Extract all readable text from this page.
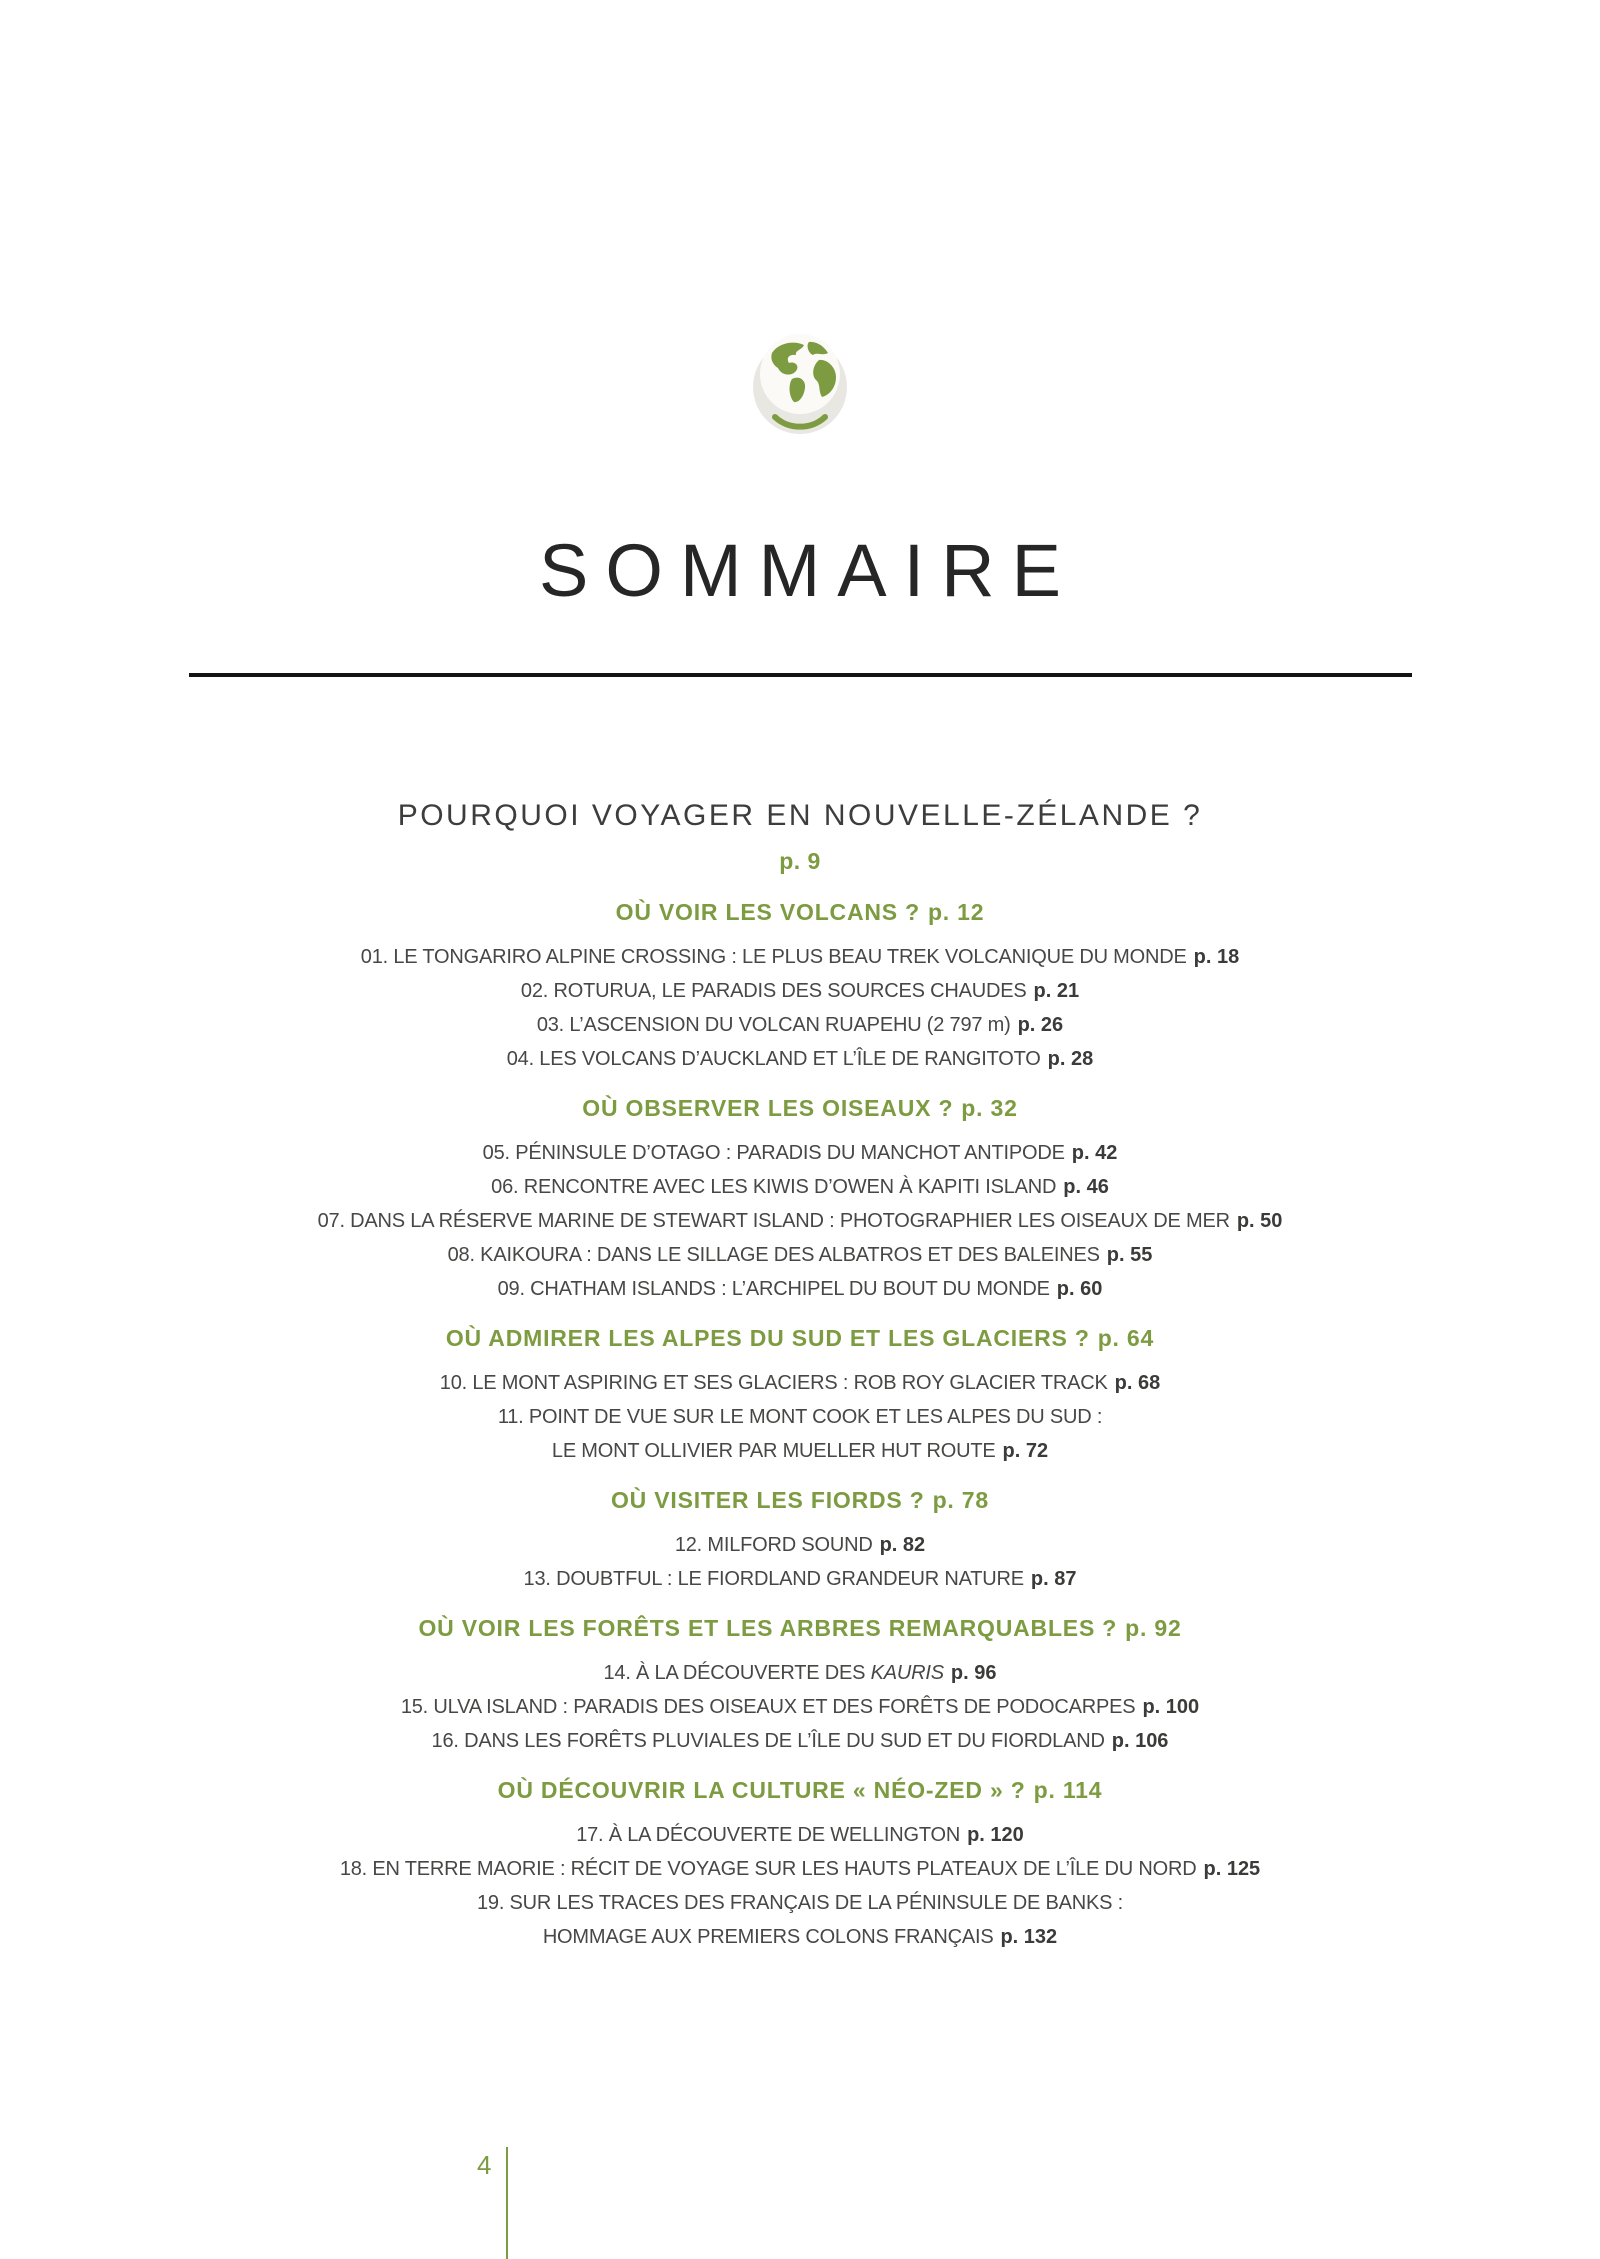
SOMMAIRE
POURQUOI VOYAGER EN NOUVELLE-ZÉLANDE ?
p. 9
OÙ VOIR LES VOLCANS ? p. 12
01. LE TONGARIRO ALPINE CROSSING : LE PLUS BEAU TREK VOLCANIQUE DU MONDE p. 18
02. ROTURUA, LE PARADIS DES SOURCES CHAUDES p. 21
03. L’ASCENSION DU VOLCAN RUAPEHU (2 797 m) p. 26
04. LES VOLCANS D’AUCKLAND ET L’ÎLE DE RANGITOTO p. 28
OÙ OBSERVER LES OISEAUX ? p. 32
05. PÉNINSULE D’OTAGO : PARADIS DU MANCHOT ANTIPODE p. 42
06. RENCONTRE AVEC LES KIWIS D’OWEN À KAPITI ISLAND p. 46
07. DANS LA RÉSERVE MARINE DE STEWART ISLAND : PHOTOGRAPHIER LES OISEAUX DE MER p. 50
08. KAIKOURA : DANS LE SILLAGE DES ALBATROS ET DES BALEINES p. 55
09. CHATHAM ISLANDS : L’ARCHIPEL DU BOUT DU MONDE p. 60
OÙ ADMIRER LES ALPES DU SUD ET LES GLACIERS ? p. 64
10. LE MONT ASPIRING ET SES GLACIERS : ROB ROY GLACIER TRACK p. 68
11. POINT DE VUE SUR LE MONT COOK ET LES ALPES DU SUD :
LE MONT OLLIVIER PAR MUELLER HUT ROUTE p. 72
OÙ VISITER LES FIORDS ? p. 78
12. MILFORD SOUND p. 82
13. DOUBTFUL : LE FIORDLAND GRANDEUR NATURE p. 87
OÙ VOIR LES FORÊTS ET LES ARBRES REMARQUABLES ? p. 92
14. À LA DÉCOUVERTE DES KAURIS p. 96
15. ULVA ISLAND : PARADIS DES OISEAUX ET DES FORÊTS DE PODOCARPES p. 100
16. DANS LES FORÊTS PLUVIALES DE L’ÎLE DU SUD ET DU FIORDLAND p. 106
OÙ DÉCOUVRIR LA CULTURE « NÉO-ZED » ? p. 114
17. À LA DÉCOUVERTE DE WELLINGTON p. 120
18. EN TERRE MAORIE : RÉCIT DE VOYAGE SUR LES HAUTS PLATEAUX DE L’ÎLE DU NORD p. 125
19. SUR LES TRACES DES FRANÇAIS DE LA PÉNINSULE DE BANKS :
HOMMAGE AUX PREMIERS COLONS FRANÇAIS p. 132
4
